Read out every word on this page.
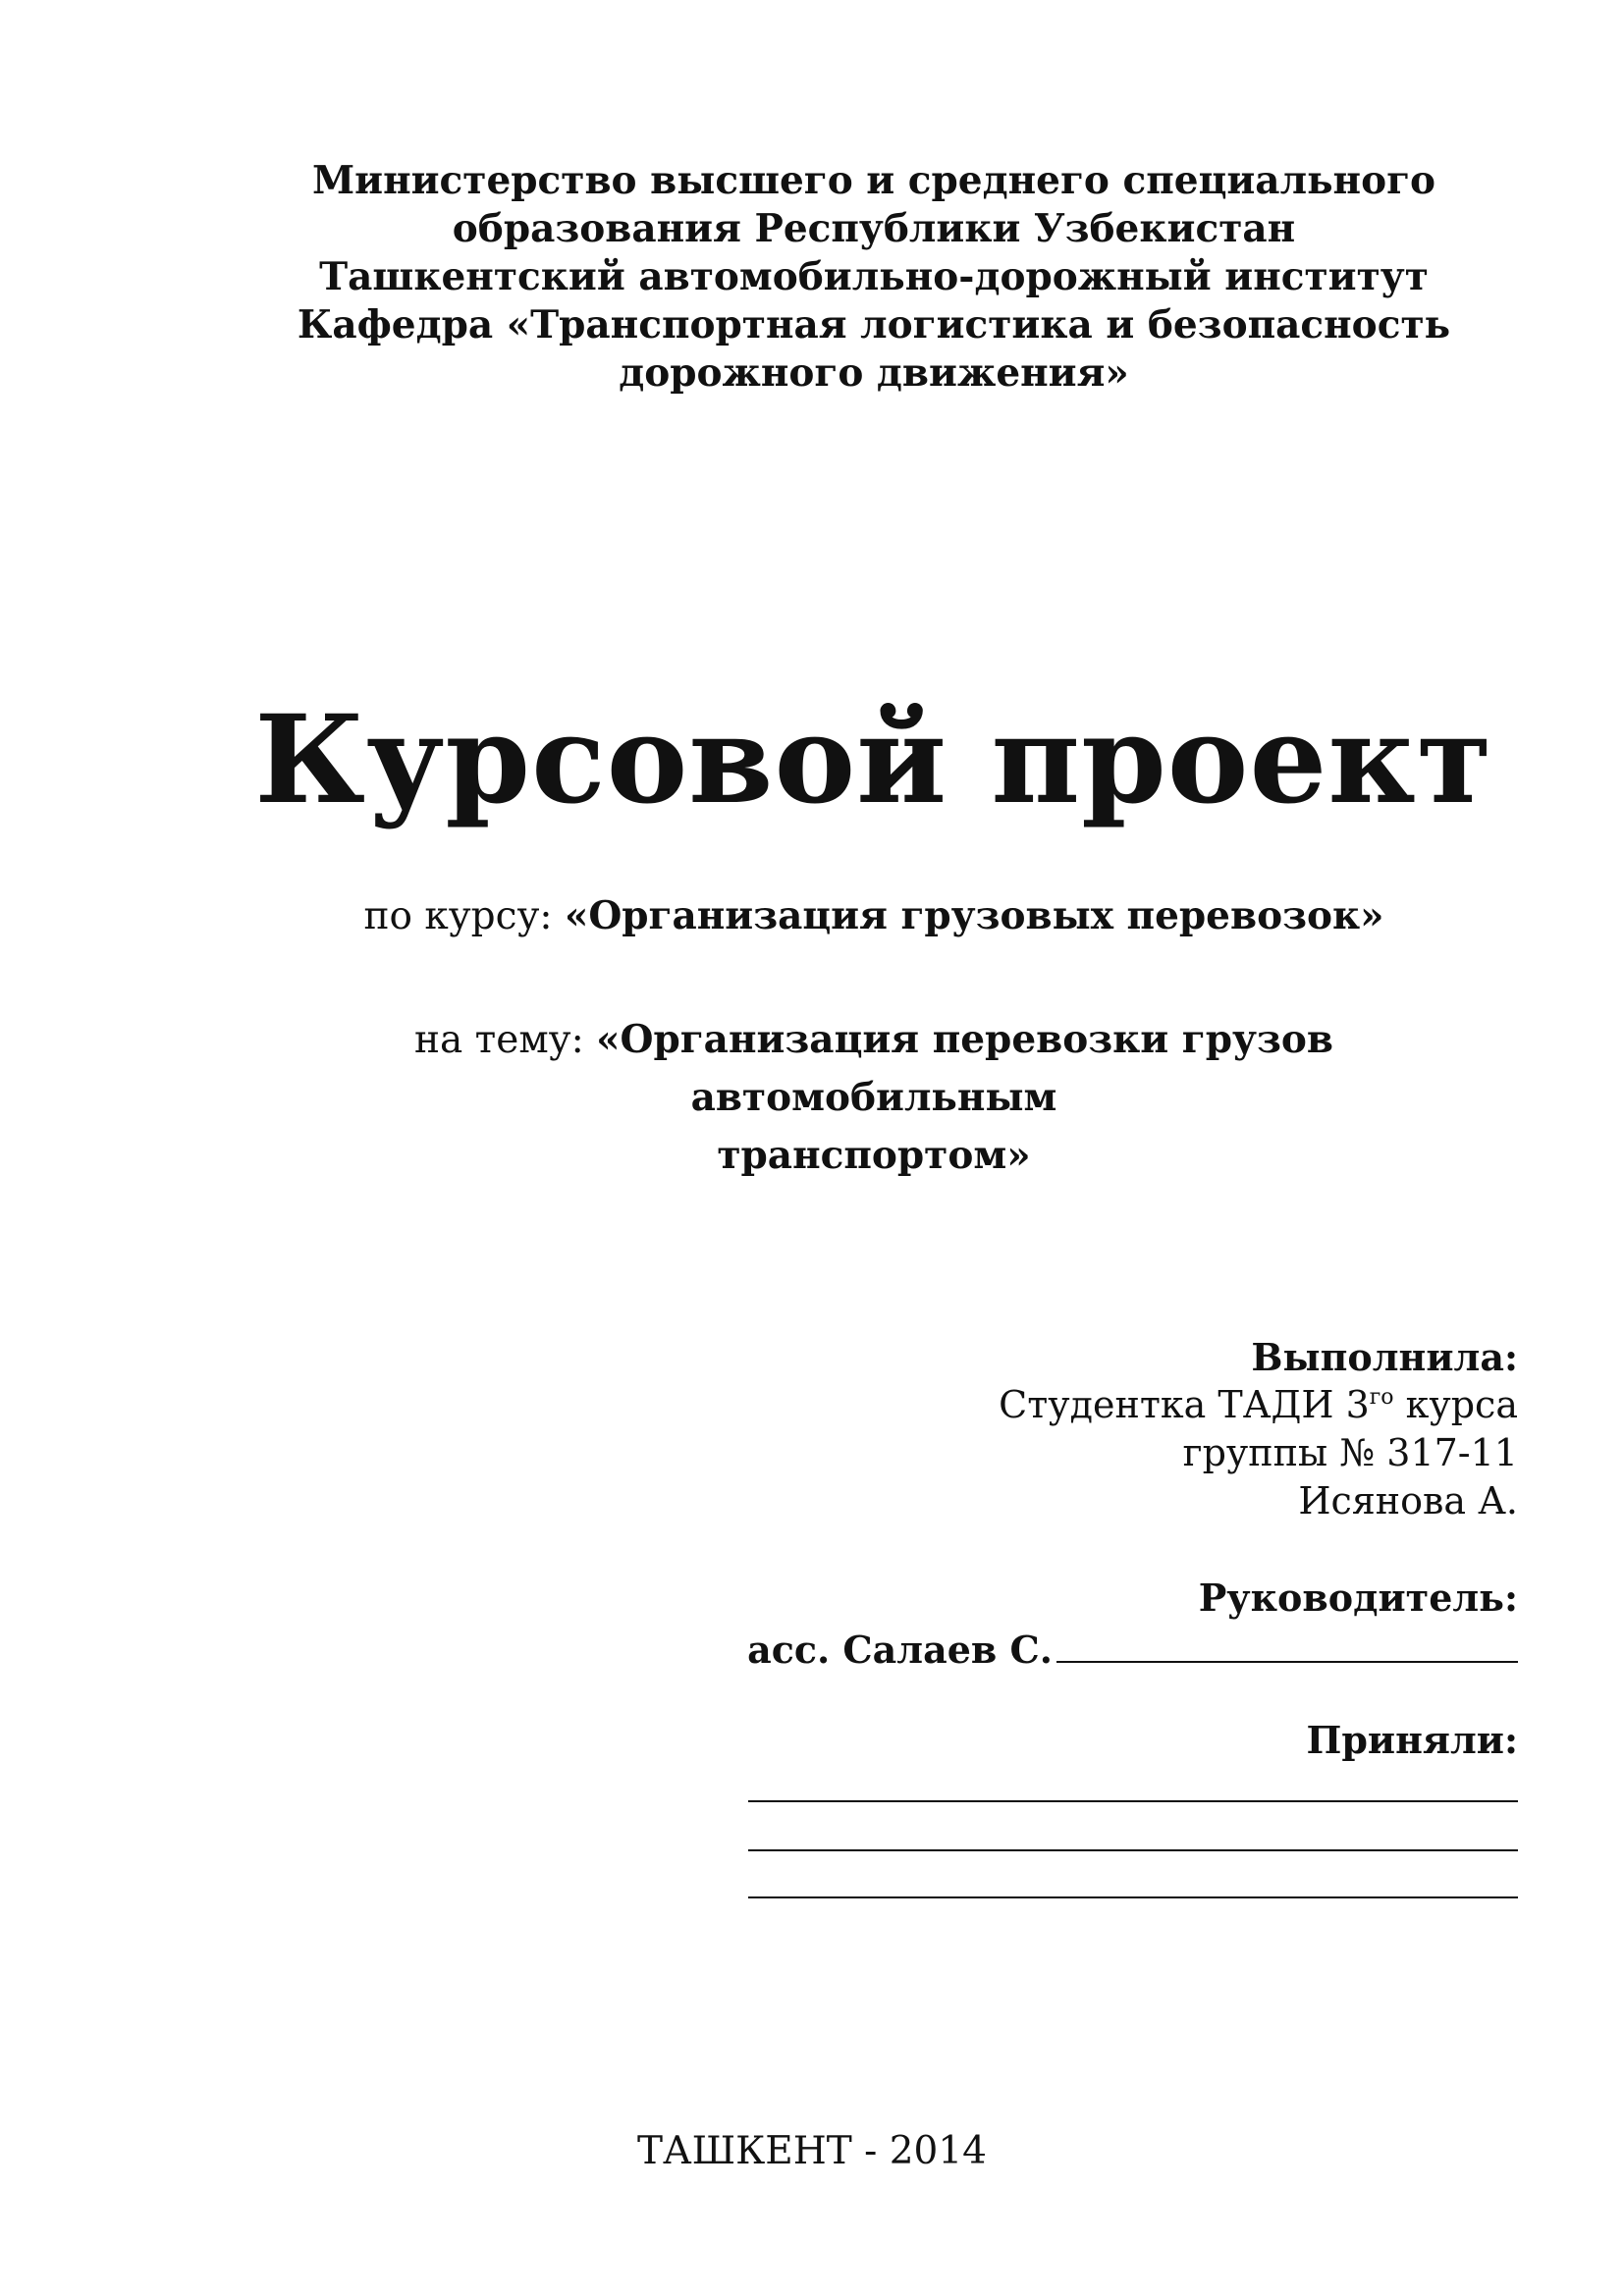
Министерство высшего и среднего специального
образования Республики Узбекистан
Ташкентский автомобильно-дорожный институт
Кафедра «Транспортная логистика и безопасность
дорожного движения»
Курсовой проект
по курсу: «Организация грузовых перевозок»
на тему: «Организация перевозки грузов автомобильным
транспортом»
Выполнила:
Студентка ТАДИ $3^{го}$ курса
группы № 317-11
Исянова А.
Руководитель:
асс. Салаев С.
Приняли:
ТАШКЕНТ - 2014
